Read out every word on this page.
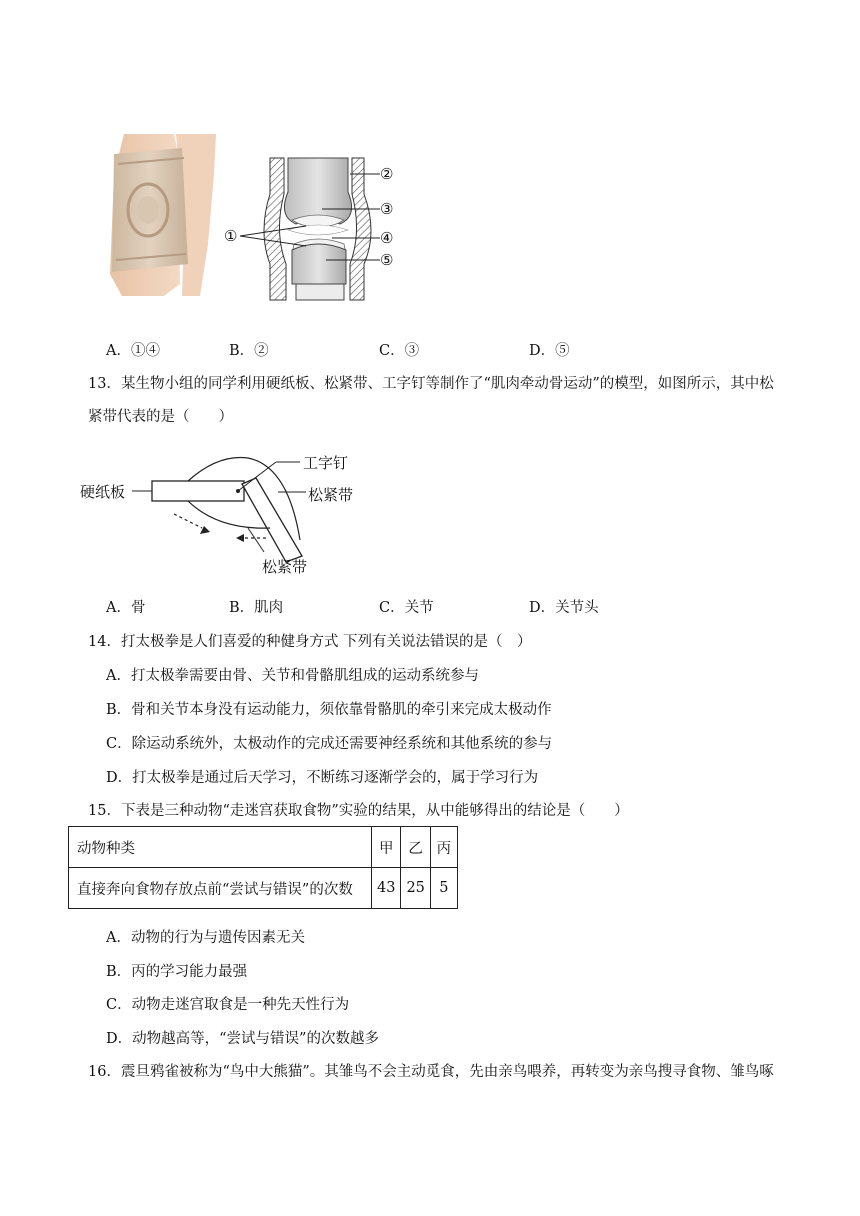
①
②
③
④
⑤
A．①④	B．②	C．③	D．⑤
13．某生物小组的同学利用硬纸板、松紧带、工字钉等制作了“肌肉牵动骨运动”的模型，如图所示，其中松
紧带代表的是（　　）
硬纸板
工字钉
松紧带
松紧带
A．骨	B．肌肉	C．关节	D．关节头
14．打太极拳是人们喜爱的种健身方式 下列有关说法错误的是（　）
A．打太极拳需要由骨、关节和骨骼肌组成的运动系统参与
B．骨和关节本身没有运动能力，须依靠骨骼肌的牵引来完成太极动作
C．除运动系统外，太极动作的完成还需要神经系统和其他系统的参与
D．打太极拳是通过后天学习，不断练习逐渐学会的，属于学习行为
15．下表是三种动物“走迷宫获取食物”实验的结果，从中能够得出的结论是（　　）
动物种类	甲	乙	丙
直接奔向食物存放点前“尝试与错误”的次数	43	25	5
A．动物的行为与遗传因素无关
B．丙的学习能力最强
C．动物走迷宫取食是一种先天性行为
D．动物越高等，“尝试与错误”的次数越多
16．震旦鸦雀被称为“鸟中大熊猫”。其雏鸟不会主动觅食，先由亲鸟喂养，再转变为亲鸟搜寻食物、雏鸟啄
